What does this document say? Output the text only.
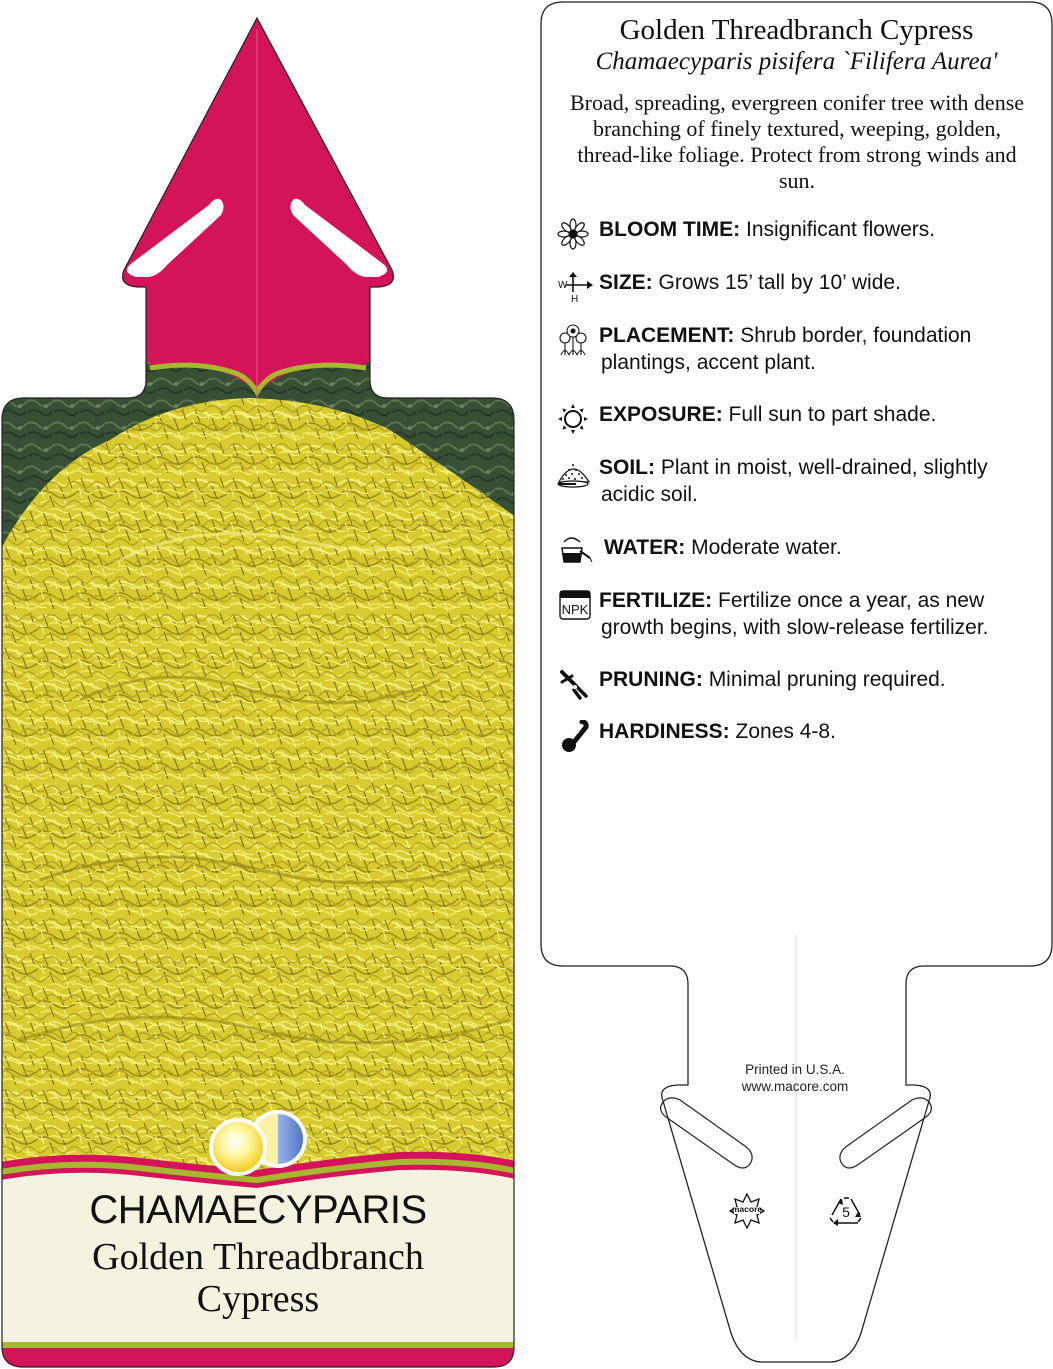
CHAMAECYPARIS
Golden Threadbranch
Cypress
Golden Threadbranch Cypress
Chamaecyparis pisifera `Filifera Aurea'
Broad, spreading, evergreen conifer tree with dense branching of finely textured, weeping, golden, thread-like foliage. Protect from strong winds and sun.
BLOOM TIME: Insignificant flowers.
W
H
SIZE: Grows 15’ tall by 10’ wide.
PLACEMENT: Shrub border, foundation
plantings, accent plant.
EXPOSURE: Full sun to part shade.
SOIL: Plant in moist, well-drained, slightly
acidic soil.
WATER: Moderate water.
NPK FERTILIZE: Fertilize once a year, as new
growth begins, with slow-release fertilizer.
PRUNING: Minimal pruning required.
HARDINESS: Zones 4-8.
Printed in U.S.A.
www.macore.com
macore	5
